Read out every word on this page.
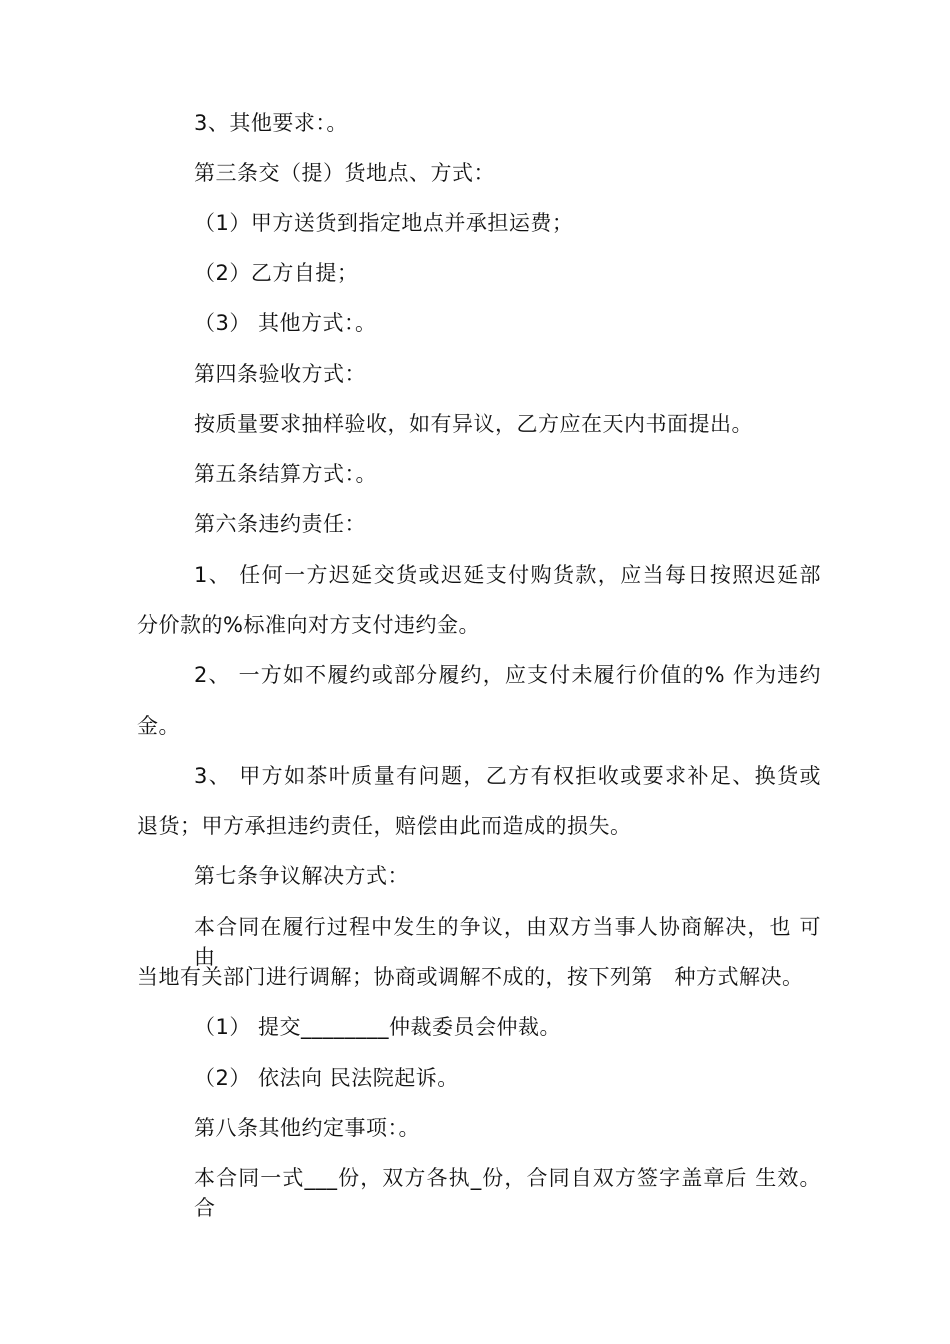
3、其他要求：。
第三条交（提）货地点、方式：
（1）甲方送货到指定地点并承担运费；
（2）乙方自提；
（3） 其他方式：。
第四条验收方式：
按质量要求抽样验收，如有异议，乙方应在天内书面提出。
第五条结算方式：。
第六条违约责任：
1、 任何一方迟延交货或迟延支付购货款，应当每日按照迟延部
分价款的%标准向对方支付违约金。
2、 一方如不履约或部分履约，应支付未履行价值的% 作为违约
金。
3、 甲方如茶叶质量有问题，乙方有权拒收或要求补足、换货或
退货；甲方承担违约责任，赔偿由此而造成的损失。
第七条争议解决方式：
本合同在履行过程中发生的争议，由双方当事人协商解决，也 可由
当地有关部门进行调解；协商或调解不成的，按下列第   种方式解决。
（1） 提交________仲裁委员会仲裁。
（2） 依法向 民法院起诉。
第八条其他约定事项：。
本合同一式___份，双方各执_份，合同自双方签字盖章后 生效。合
